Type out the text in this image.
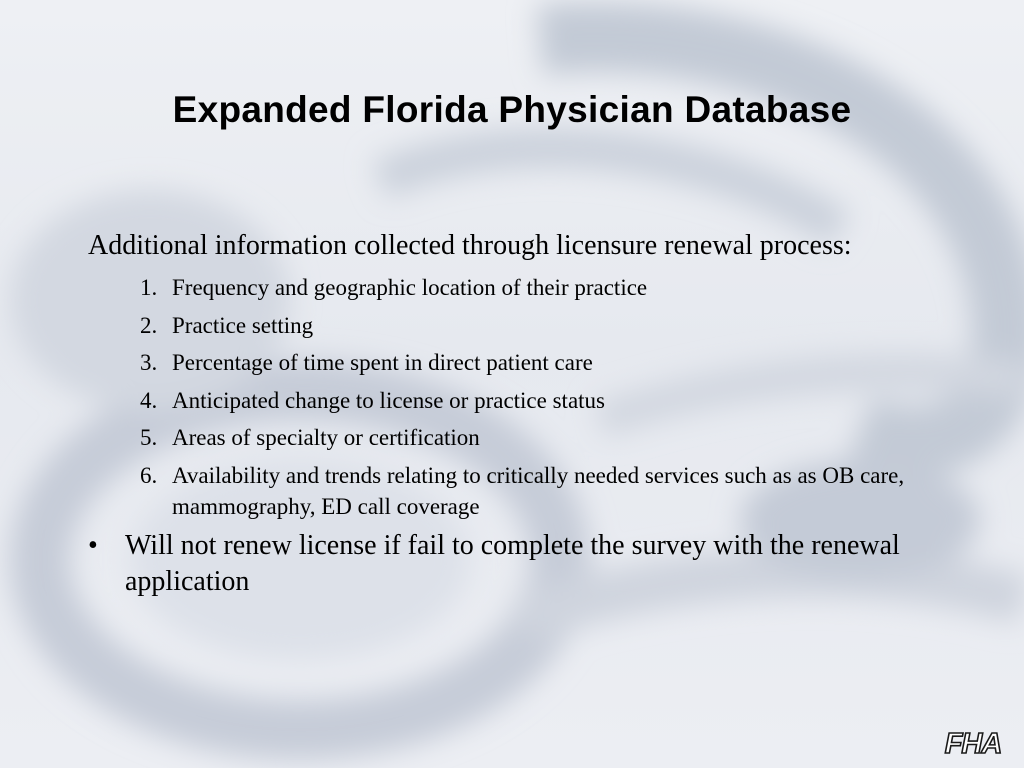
Expanded Florida Physician Database

Additional information collected through licensure renewal process:

1. Frequency and geographic location of their practice
2. Practice setting
3. Percentage of time spent in direct patient care
4. Anticipated change to license or practice status
5. Areas of specialty or certification
6. Availability and trends relating to critically needed services such as as OB care, mammography, ED call coverage
• Will not renew license if fail to complete the survey with the renewal application
FHA
